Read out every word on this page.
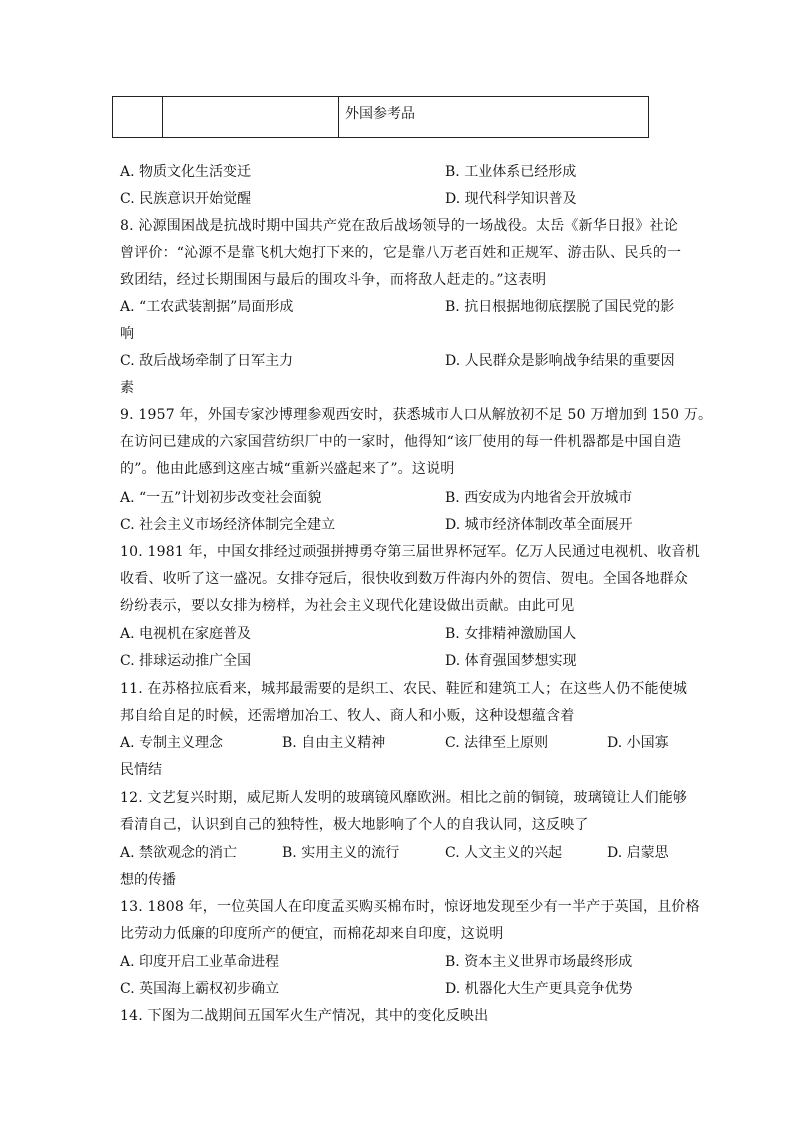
		外国参考品
A. 物质文化生活变迁	B. 工业体系已经形成
C. 民族意识开始觉醒	D. 现代科学知识普及
8. 沁源围困战是抗战时期中国共产党在敌后战场领导的一场战役。太岳《新华日报》社论
曾评价：“沁源不是靠飞机大炮打下来的，它是靠八万老百姓和正规军、游击队、民兵的一
致团结，经过长期围困与最后的围攻斗争，而将敌人赶走的。”这表明
A. “工农武装割据”局面形成	B. 抗日根据地彻底摆脱了国民党的影
响
C. 敌后战场牵制了日军主力	D. 人民群众是影响战争结果的重要因
素
9. 1957 年，外国专家沙博理参观西安时，获悉城市人口从解放初不足 50 万增加到 150 万。
在访问已建成的六家国营纺织厂中的一家时，他得知“该厂使用的每一件机器都是中国自造
的”。他由此感到这座古城“重新兴盛起来了”。这说明
A. “一五”计划初步改变社会面貌	B. 西安成为内地省会开放城市
C. 社会主义市场经济体制完全建立	D. 城市经济体制改革全面展开
10. 1981 年，中国女排经过顽强拼搏勇夺第三届世界杯冠军。亿万人民通过电视机、收音机
收看、收听了这一盛况。女排夺冠后，很快收到数万件海内外的贺信、贺电。全国各地群众
纷纷表示，要以女排为榜样，为社会主义现代化建设做出贡献。由此可见
A. 电视机在家庭普及	B. 女排精神激励国人
C. 排球运动推广全国	D. 体育强国梦想实现
11. 在苏格拉底看来，城邦最需要的是织工、农民、鞋匠和建筑工人；在这些人仍不能使城
邦自给自足的时候，还需增加冶工、牧人、商人和小贩，这种设想蕴含着
A. 专制主义理念	B. 自由主义精神	C. 法律至上原则	D. 小国寡
民情结
12. 文艺复兴时期，威尼斯人发明的玻璃镜风靡欧洲。相比之前的铜镜，玻璃镜让人们能够
看清自己，认识到自己的独特性，极大地影响了个人的自我认同，这反映了
A. 禁欲观念的消亡	B. 实用主义的流行	C. 人文主义的兴起	D. 启蒙思
想的传播
13. 1808 年，一位英国人在印度孟买购买棉布时，惊讶地发现至少有一半产于英国，且价格
比劳动力低廉的印度所产的便宜，而棉花却来自印度，这说明
A. 印度开启工业革命进程	B. 资本主义世界市场最终形成
C. 英国海上霸权初步确立	D. 机器化大生产更具竞争优势
14. 下图为二战期间五国军火生产情况，其中的变化反映出
